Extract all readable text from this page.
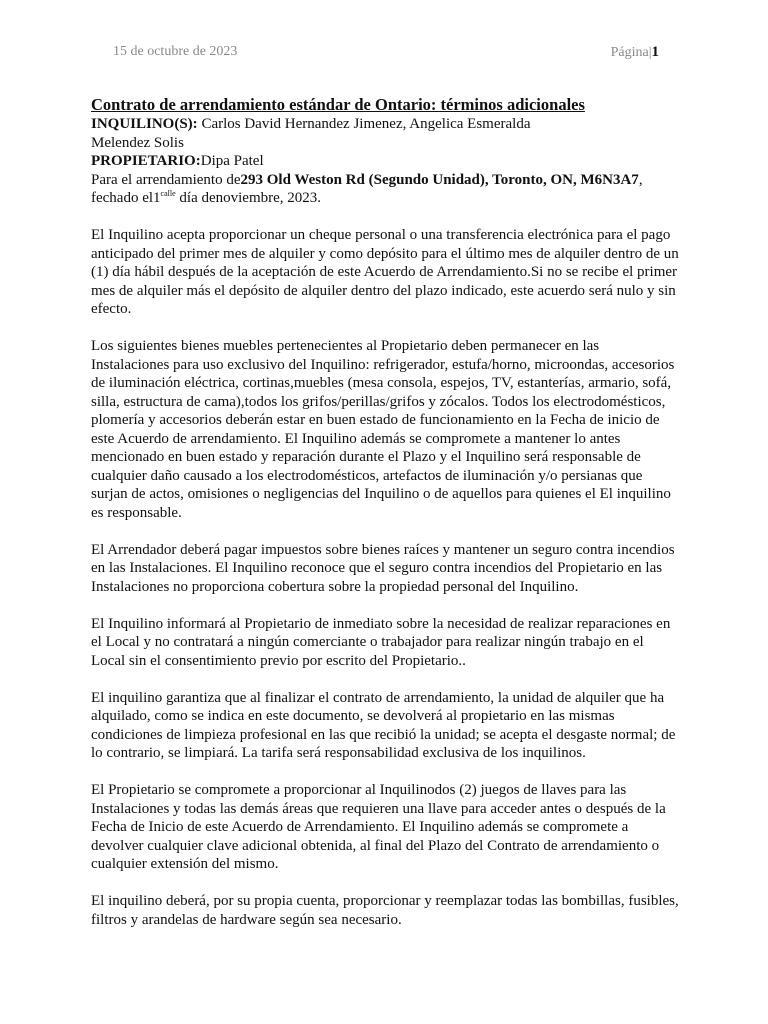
15 de octubre de 2023	Página|1

Contrato de arrendamiento estándar de Ontario: términos adicionales

INQUILINO(S): Carlos David Hernandez Jimenez, Angelica Esmeralda

Melendez Solis

PROPIETARIO:Dipa Patel

Para el arrendamiento de293 Old Weston Rd (Segundo Unidad), Toronto, ON, M6N3A7,

fechado $el1^{calle}$ día denoviembre, 2023.

El Inquilino acepta proporcionar un cheque personal o una transferencia electrónica para el pago anticipado del primer mes de alquiler y como depósito para el último mes de alquiler dentro de un (1) día hábil después de la aceptación de este Acuerdo de Arrendamiento.Si no se recibe el primer mes de alquiler más el depósito de alquiler dentro del plazo indicado, este acuerdo será nulo y sin efecto.

Los siguientes bienes muebles pertenecientes al Propietario deben permanecer en las Instalaciones para uso exclusivo del Inquilino: refrigerador, estufa/horno, microondas, accesorios de iluminación eléctrica, cortinas,muebles (mesa consola, espejos, TV, estanterías, armario, sofá, silla, estructura de cama),todos los grifos/perillas/grifos y zócalos. Todos los electrodomésticos, plomería y accesorios deberán estar en buen estado de funcionamiento en la Fecha de inicio de este Acuerdo de arrendamiento. El Inquilino además se compromete a mantener lo antes mencionado en buen estado y reparación durante el Plazo y el Inquilino será responsable de cualquier daño causado a los electrodomésticos, artefactos de iluminación y/o persianas que surjan de actos, omisiones o negligencias del Inquilino o de aquellos para quienes el El inquilino es responsable.

El Arrendador deberá pagar impuestos sobre bienes raíces y mantener un seguro contra incendios en las Instalaciones. El Inquilino reconoce que el seguro contra incendios del Propietario en las Instalaciones no proporciona cobertura sobre la propiedad personal del Inquilino.

El Inquilino informará al Propietario de inmediato sobre la necesidad de realizar reparaciones en el Local y no contratará a ningún comerciante o trabajador para realizar ningún trabajo en el Local sin el consentimiento previo por escrito del Propietario..

El inquilino garantiza que al finalizar el contrato de arrendamiento, la unidad de alquiler que ha alquilado, como se indica en este documento, se devolverá al propietario en las mismas condiciones de limpieza profesional en las que recibió la unidad; se acepta el desgaste normal; de lo contrario, se limpiará. La tarifa será responsabilidad exclusiva de los inquilinos.

El Propietario se compromete a proporcionar al Inquilinodos (2) juegos de llaves para las Instalaciones y todas las demás áreas que requieren una llave para acceder antes o después de la Fecha de Inicio de este Acuerdo de Arrendamiento. El Inquilino además se compromete a devolver cualquier clave adicional obtenida, al final del Plazo del Contrato de arrendamiento o cualquier extensión del mismo.

El inquilino deberá, por su propia cuenta, proporcionar y reemplazar todas las bombillas, fusibles, filtros y arandelas de hardware según sea necesario.
